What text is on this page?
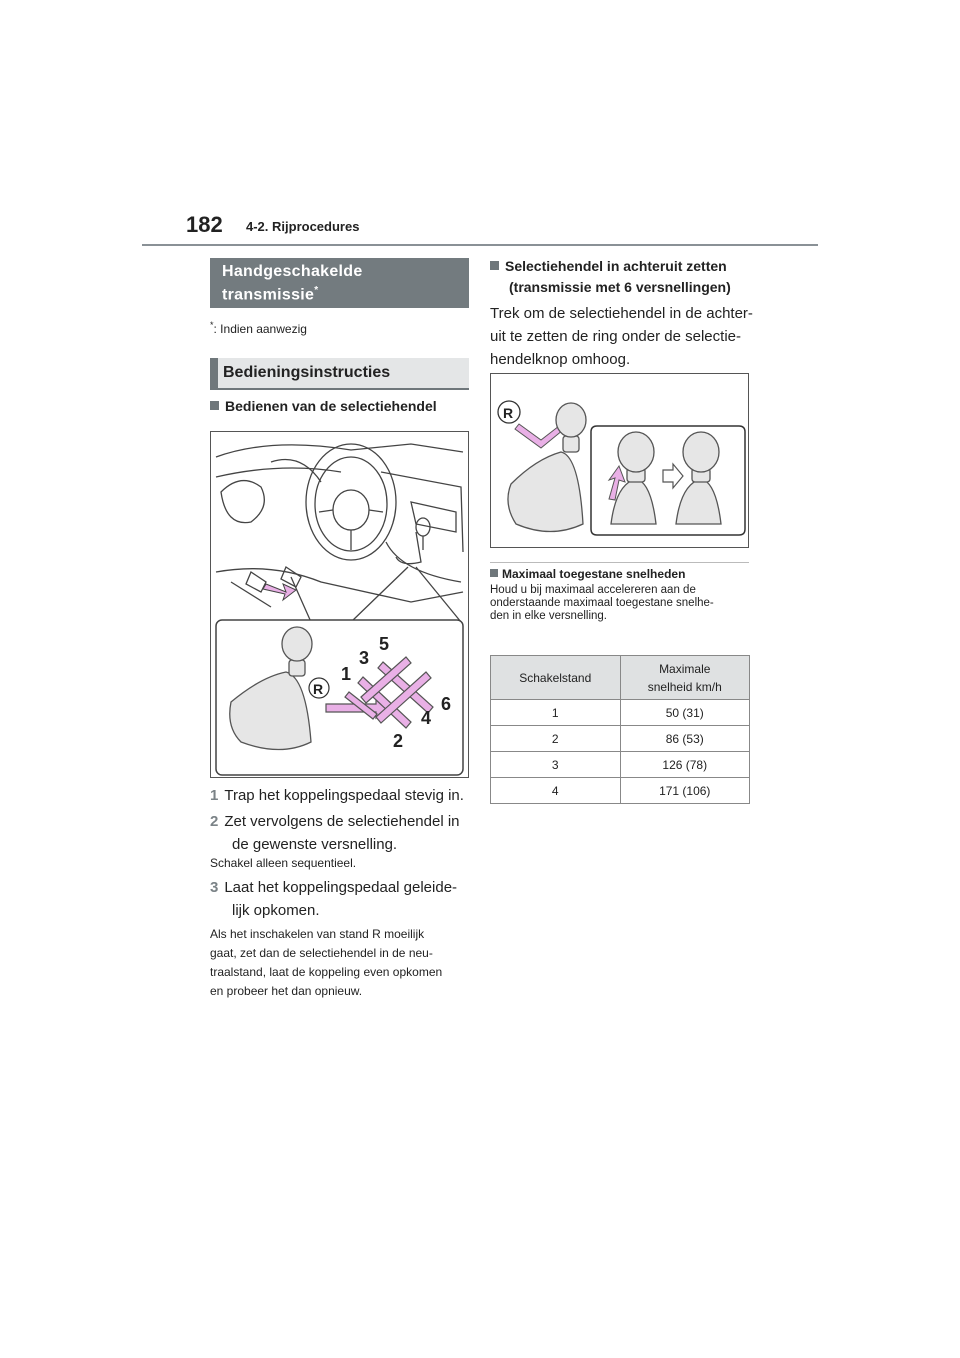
182 4-2. Rijprocedures
Handgeschakelde
transmissie*
*: Indien aanwezig
Bedieningsinstructies
Bedienen van de selectiehendel
R
1
2
3
4
5
6
1 Trap het koppelingspedaal stevig in.
2 Zet vervolgens de selectiehendel in
de gewenste versnelling.
Schakel alleen sequentieel.
3 Laat het koppelingspedaal geleide-
lijk opkomen.
Als het inschakelen van stand R moeilijk
gaat, zet dan de selectiehendel in de neu-
traalstand, laat de koppeling even opkomen
en probeer het dan opnieuw.
Selectiehendel in achteruit zetten
(transmissie met 6 versnellingen)
Trek om de selectiehendel in de achter-
uit te zetten de ring onder de selectie-
hendelknop omhoog.
R
Maximaal toegestane snelheden
Houd u bij maximaal accelereren aan de
onderstaande maximaal toegestane snelhe-
den in elke versnelling.
Schakelstand	Maximale
snelheid km/h

1	50 (31)
2	86 (53)
3	126 (78)
4	171 (106)
